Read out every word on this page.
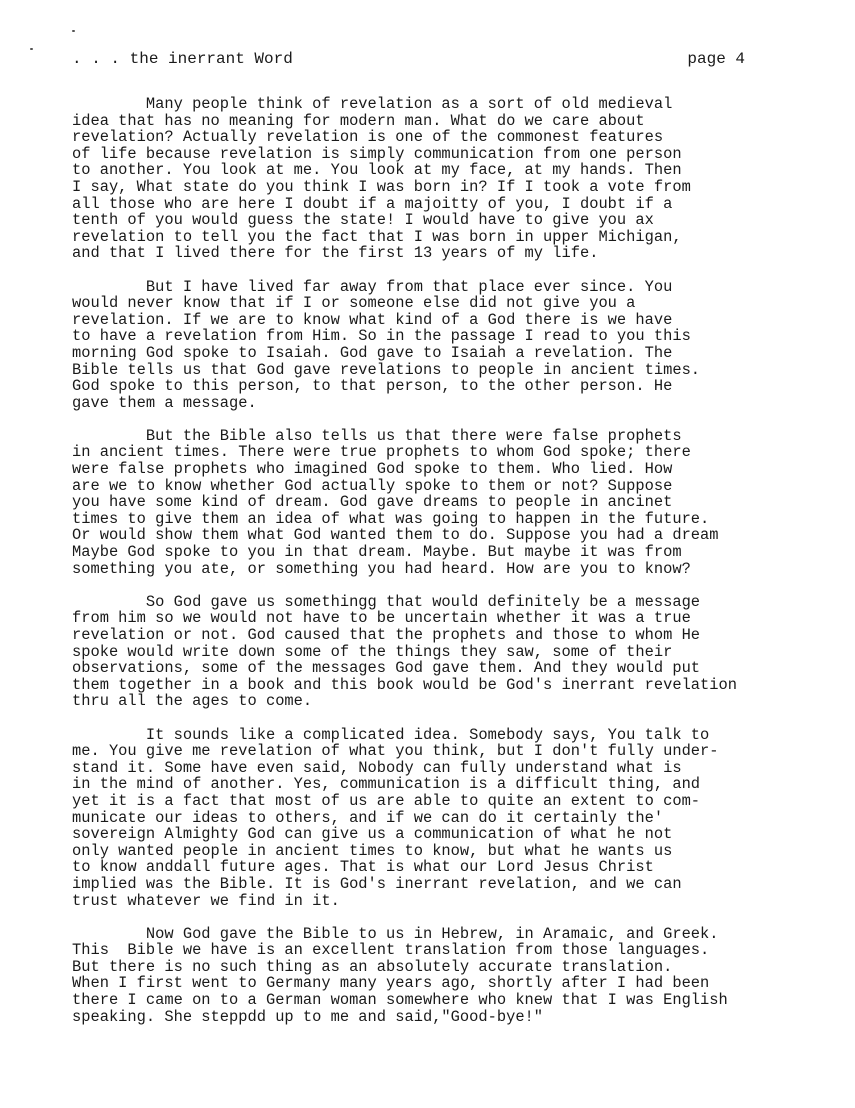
. . . the inerrant Word	page 4
Many people think of revelation as a sort of old medieval
idea that has no meaning for modern man. What do we care about
revelation? Actually revelation is one of the commonest features
of life because revelation is simply communication from one person
to another. You look at me. You look at my face, at my hands. Then
I say, What state do you think I was born in? If I took a vote from
all those who are here I doubt if a majoitty of you, I doubt if a
tenth of you would guess the state! I would have to give you ax
revelation to tell you the fact that I was born in upper Michigan,
and that I lived there for the first 13 years of my life.
But I have lived far away from that place ever since. You
would never know that if I or someone else did not give you a
revelation. If we are to know what kind of a God there is we have
to have a revelation from Him. So in the passage I read to you this
morning God spoke to Isaiah. God gave to Isaiah a revelation. The
Bible tells us that God gave revelations to people in ancient times.
God spoke to this person, to that person, to the other person. He
gave them a message.
But the Bible also tells us that there were false prophets
in ancient times. There were true prophets to whom God spoke; there
were false prophets who imagined God spoke to them. Who lied. How
are we to know whether God actually spoke to them or not? Suppose
you have some kind of dream. God gave dreams to people in ancinet
times to give them an idea of what was going to happen in the future.
Or would show them what God wanted them to do. Suppose you had a dream
Maybe God spoke to you in that dream. Maybe. But maybe it was from
something you ate, or something you had heard. How are you to know?
So God gave us somethingg that would definitely be a message
from him so we would not have to be uncertain whether it was a true
revelation or not. God caused that the prophets and those to whom He
spoke would write down some of the things they saw, some of their
observations, some of the messages God gave them. And they would put
them together in a book and this book would be God's inerrant revelation
thru all the ages to come.
It sounds like a complicated idea. Somebody says, You talk to
me. You give me revelation of what you think, but I don't fully under-
stand it. Some have even said, Nobody can fully understand what is
in the mind of another. Yes, communication is a difficult thing, and
yet it is a fact that most of us are able to quite an extent to com-
municate our ideas to others, and if we can do it certainly the'
sovereign Almighty God can give us a communication of what he not
only wanted people in ancient times to know, but what he wants us
to know anddall future ages. That is what our Lord Jesus Christ
implied was the Bible. It is God's inerrant revelation, and we can
trust whatever we find in it.
Now God gave the Bible to us in Hebrew, in Aramaic, and Greek.
This  Bible we have is an excellent translation from those languages.
But there is no such thing as an absolutely accurate translation.
When I first went to Germany many years ago, shortly after I had been
there I came on to a German woman somewhere who knew that I was English
speaking. She steppdd up to me and said,"Good-bye!"
